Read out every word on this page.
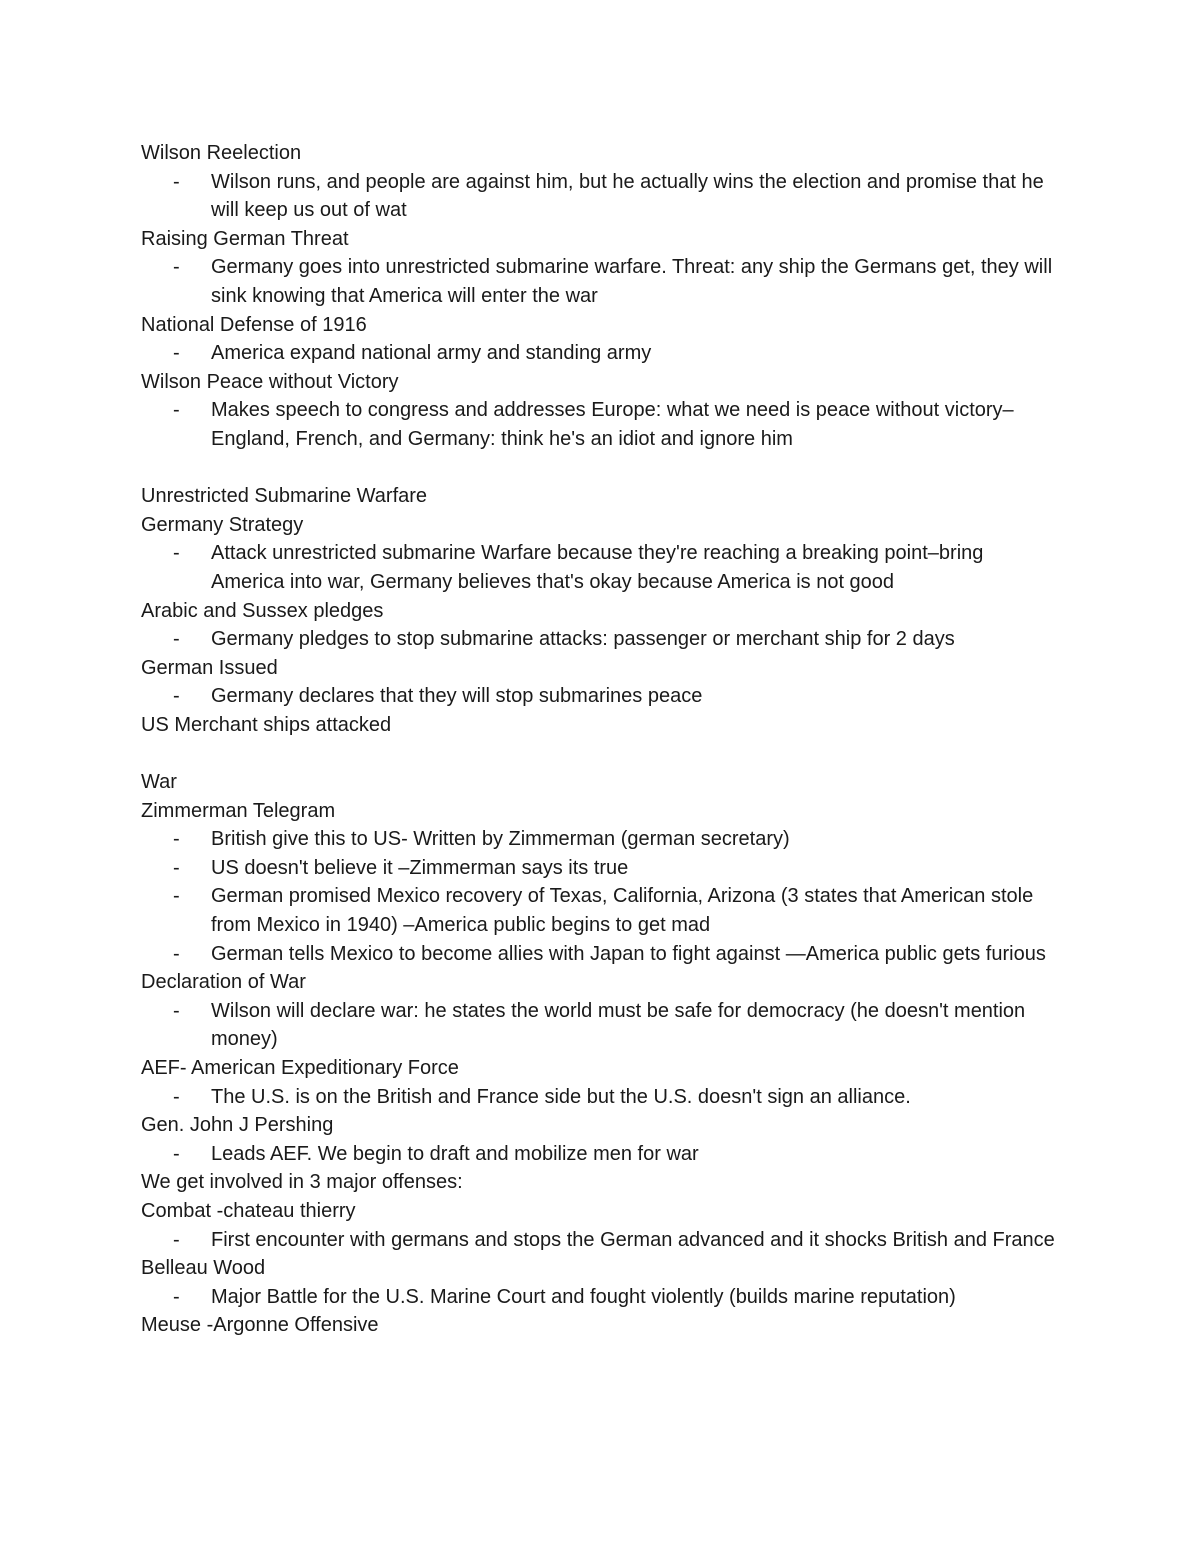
Wilson Reelection
- Wilson runs, and people are against him, but he actually wins the election and promise that he will keep us out of wat
Raising German Threat
- Germany goes into unrestricted submarine warfare. Threat: any ship the Germans get, they will sink knowing that America will enter the war
National Defense of 1916
- America expand national army and standing army
Wilson Peace without Victory
- Makes speech to congress and addresses Europe: what we need is peace without victory– England, French, and Germany: think he's an idiot and ignore him
Unrestricted Submarine Warfare
Germany Strategy
- Attack unrestricted submarine Warfare because they're reaching a breaking point–bring America into war, Germany believes that's okay because America is not good
Arabic and Sussex pledges
- Germany pledges to stop submarine attacks: passenger or merchant ship for 2 days
German Issued
- Germany declares that they will stop submarines peace
US Merchant ships attacked
War
Zimmerman Telegram
- British give this to US- Written by Zimmerman (german secretary)
- US doesn't believe it –Zimmerman says its true
- German promised Mexico recovery of Texas, California, Arizona (3 states that American stole from Mexico in 1940) –America public begins to get mad
- German tells Mexico to become allies with Japan to fight against —America public gets furious
Declaration of War
- Wilson will declare war: he states the world must be safe for democracy (he doesn't mention money)
AEF- American Expeditionary Force
- The U.S. is on the British and France side but the U.S. doesn't sign an alliance.
Gen. John J Pershing
- Leads AEF. We begin to draft and mobilize men for war
We get involved in 3 major offenses:
Combat -chateau thierry
- First encounter with germans and stops the German advanced and it shocks British and France
Belleau Wood
- Major Battle for the U.S. Marine Court and fought violently (builds marine reputation)
Meuse -Argonne Offensive
